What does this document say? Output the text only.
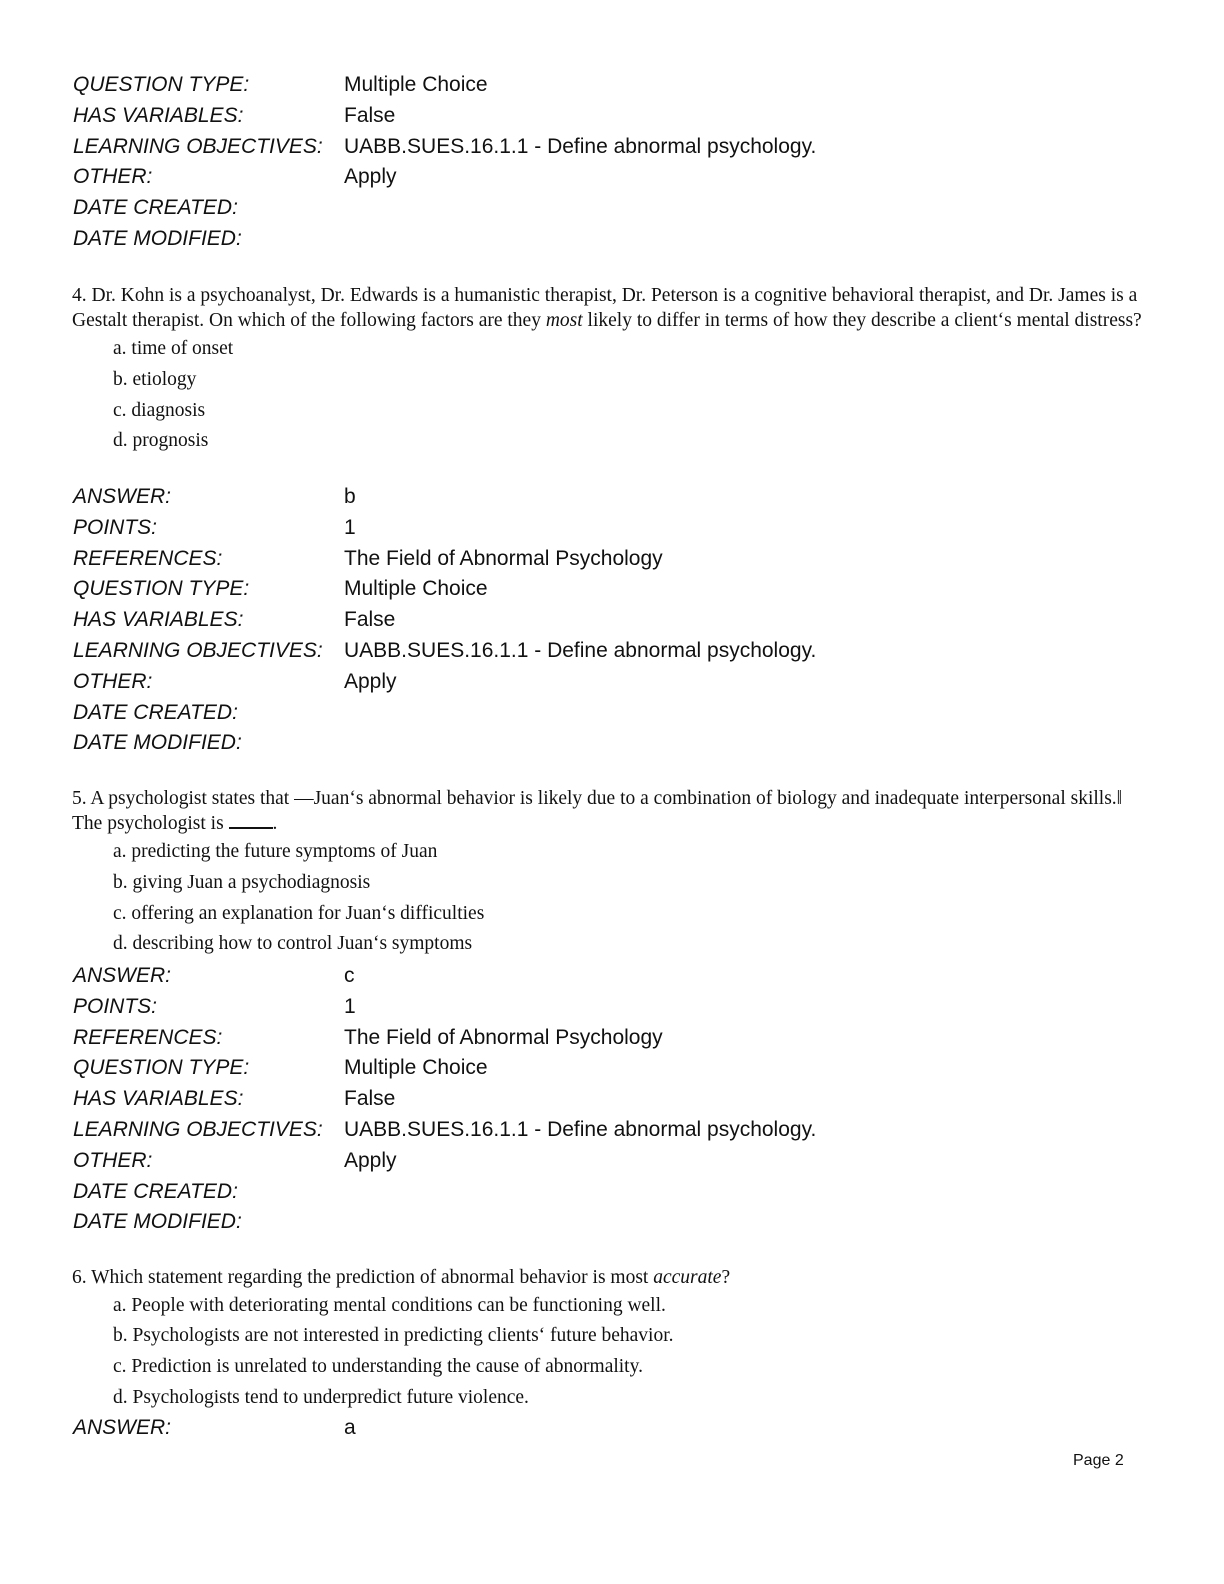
QUESTION TYPE:	Multiple Choice
HAS VARIABLES:	False
LEARNING OBJECTIVES: UABB.SUES.16.1.1 - Define abnormal psychology.
OTHER:	Apply
DATE CREATED:
DATE MODIFIED:

4. Dr. Kohn is a psychoanalyst, Dr. Edwards is a humanistic therapist, Dr. Peterson is a cognitive behavioral therapist, and Dr. James is a Gestalt therapist. On which of the following factors are they most likely to differ in terms of how they describe a client‘s mental distress?

a. time of onset
b. etiology
c. diagnosis
d. prognosis
ANSWER:	b
POINTS:	1
REFERENCES:	The Field of Abnormal Psychology
QUESTION TYPE:	Multiple Choice
HAS VARIABLES:	False
LEARNING OBJECTIVES: UABB.SUES.16.1.1 - Define abnormal psychology.
OTHER:	Apply
DATE CREATED:
DATE MODIFIED:

5. A psychologist states that ―Juan‘s abnormal behavior is likely due to a combination of biology and inadequate interpersonal skills.‖ The psychologist is .

a. predicting the future symptoms of Juan
b. giving Juan a psychodiagnosis
c. offering an explanation for Juan‘s difficulties
d. describing how to control Juan‘s symptoms
ANSWER:	c
POINTS:	1
REFERENCES:	The Field of Abnormal Psychology
QUESTION TYPE:	Multiple Choice
HAS VARIABLES:	False
LEARNING OBJECTIVES: UABB.SUES.16.1.1 - Define abnormal psychology.
OTHER:	Apply
DATE CREATED:
DATE MODIFIED:

6. Which statement regarding the prediction of abnormal behavior is most accurate?

a. People with deteriorating mental conditions can be functioning well.
b. Psychologists are not interested in predicting clients‘ future behavior.
c. Prediction is unrelated to understanding the cause of abnormality.
d. Psychologists tend to underpredict future violence.
ANSWER:	a
Page 2
